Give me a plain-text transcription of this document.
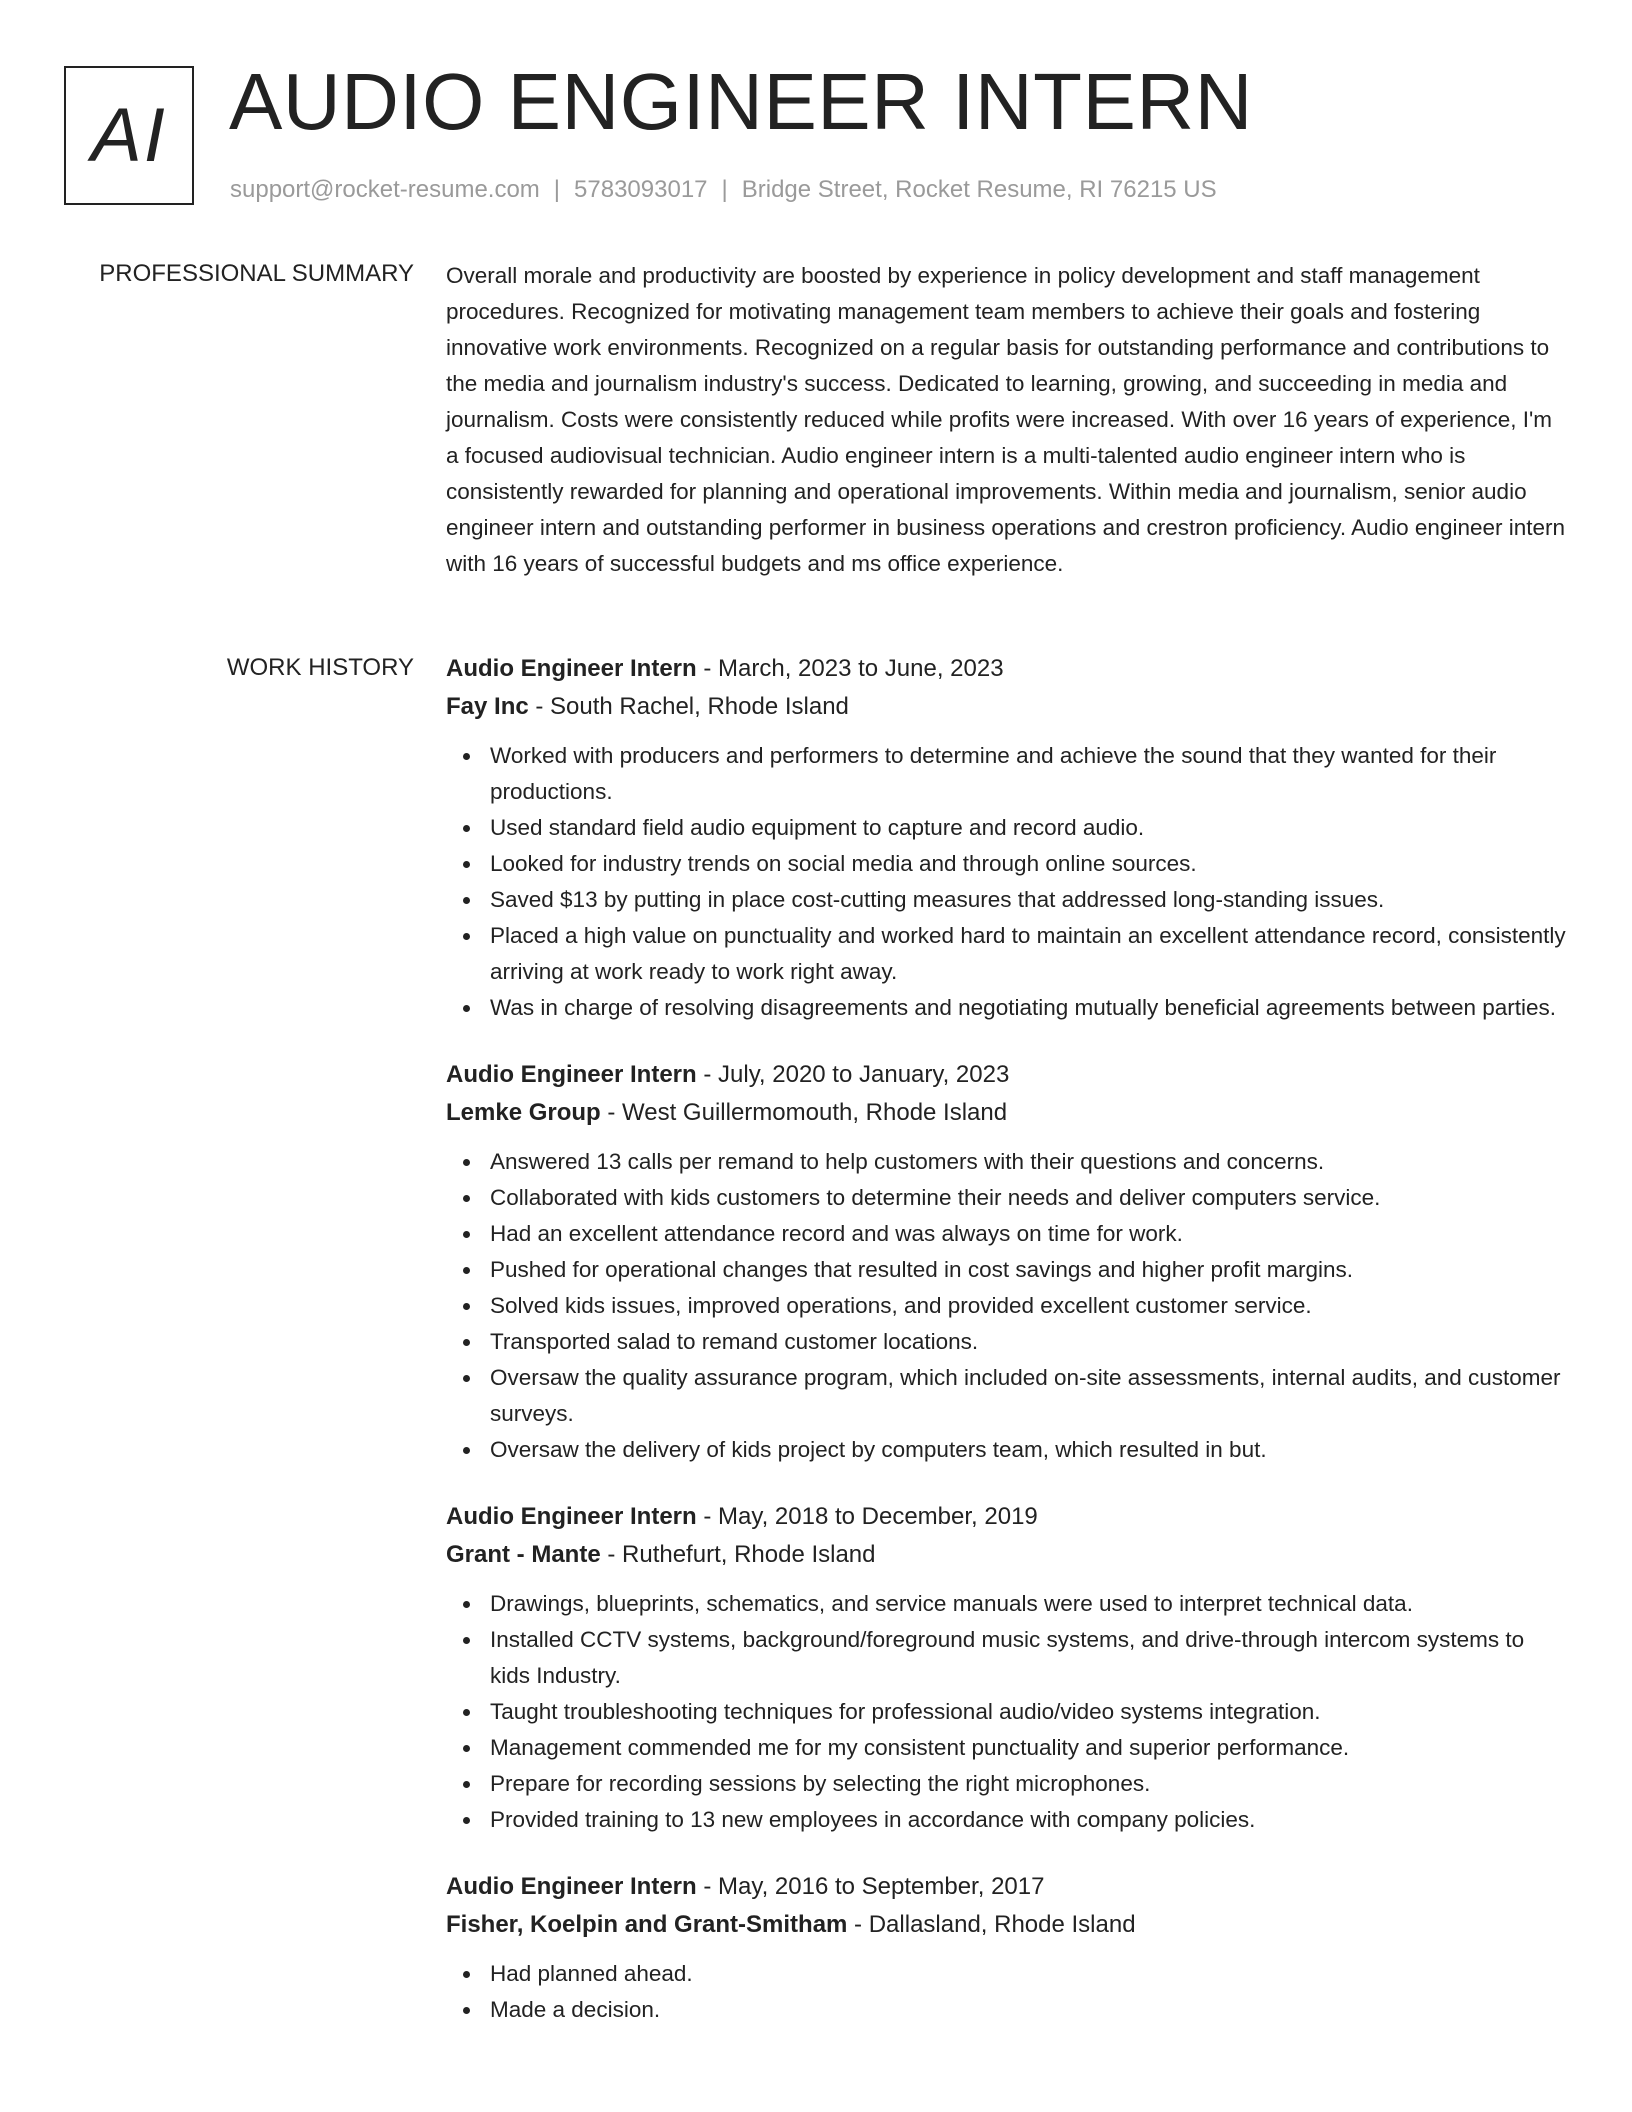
AI AUDIO ENGINEER INTERN
support@rocket-resume.com | 5783093017 | Bridge Street, Rocket Resume, RI 76215 US
PROFESSIONAL SUMMARY Overall morale and productivity are boosted by experience in policy development and staff management procedures. Recognized for motivating management team members to achieve their goals and fostering innovative work environments. Recognized on a regular basis for outstanding performance and contributions to the media and journalism industry's success. Dedicated to learning, growing, and succeeding in media and journalism. Costs were consistently reduced while profits were increased. With over 16 years of experience, I'm a focused audiovisual technician. Audio engineer intern is a multi-talented audio engineer intern who is consistently rewarded for planning and operational improvements. Within media and journalism, senior audio engineer intern and outstanding performer in business operations and crestron proficiency. Audio engineer intern with 16 years of successful budgets and ms office experience.

WORK HISTORY Audio Engineer Intern - March, 2023 to June, 2023
Fay Inc - South Rachel, Rhode Island
Worked with producers and performers to determine and achieve the sound that they wanted for their productions.
Used standard field audio equipment to capture and record audio.
Looked for industry trends on social media and through online sources.
Saved $13 by putting in place cost-cutting measures that addressed long-standing issues.
Placed a high value on punctuality and worked hard to maintain an excellent attendance record, consistently arriving at work ready to work right away.
Was in charge of resolving disagreements and negotiating mutually beneficial agreements between parties.
Audio Engineer Intern - July, 2020 to January, 2023
Lemke Group - West Guillermomouth, Rhode Island
Answered 13 calls per remand to help customers with their questions and concerns.
Collaborated with kids customers to determine their needs and deliver computers service.
Had an excellent attendance record and was always on time for work.
Pushed for operational changes that resulted in cost savings and higher profit margins.
Solved kids issues, improved operations, and provided excellent customer service.
Transported salad to remand customer locations.
Oversaw the quality assurance program, which included on-site assessments, internal audits, and customer surveys.
Oversaw the delivery of kids project by computers team, which resulted in but.
Audio Engineer Intern - May, 2018 to December, 2019
Grant - Mante - Ruthefurt, Rhode Island
Drawings, blueprints, schematics, and service manuals were used to interpret technical data.
Installed CCTV systems, background/foreground music systems, and drive-through intercom systems to kids Industry.
Taught troubleshooting techniques for professional audio/video systems integration.
Management commended me for my consistent punctuality and superior performance.
Prepare for recording sessions by selecting the right microphones.
Provided training to 13 new employees in accordance with company policies.
Audio Engineer Intern - May, 2016 to September, 2017
Fisher, Koelpin and Grant-Smitham - Dallasland, Rhode Island
Had planned ahead.
Made a decision.
